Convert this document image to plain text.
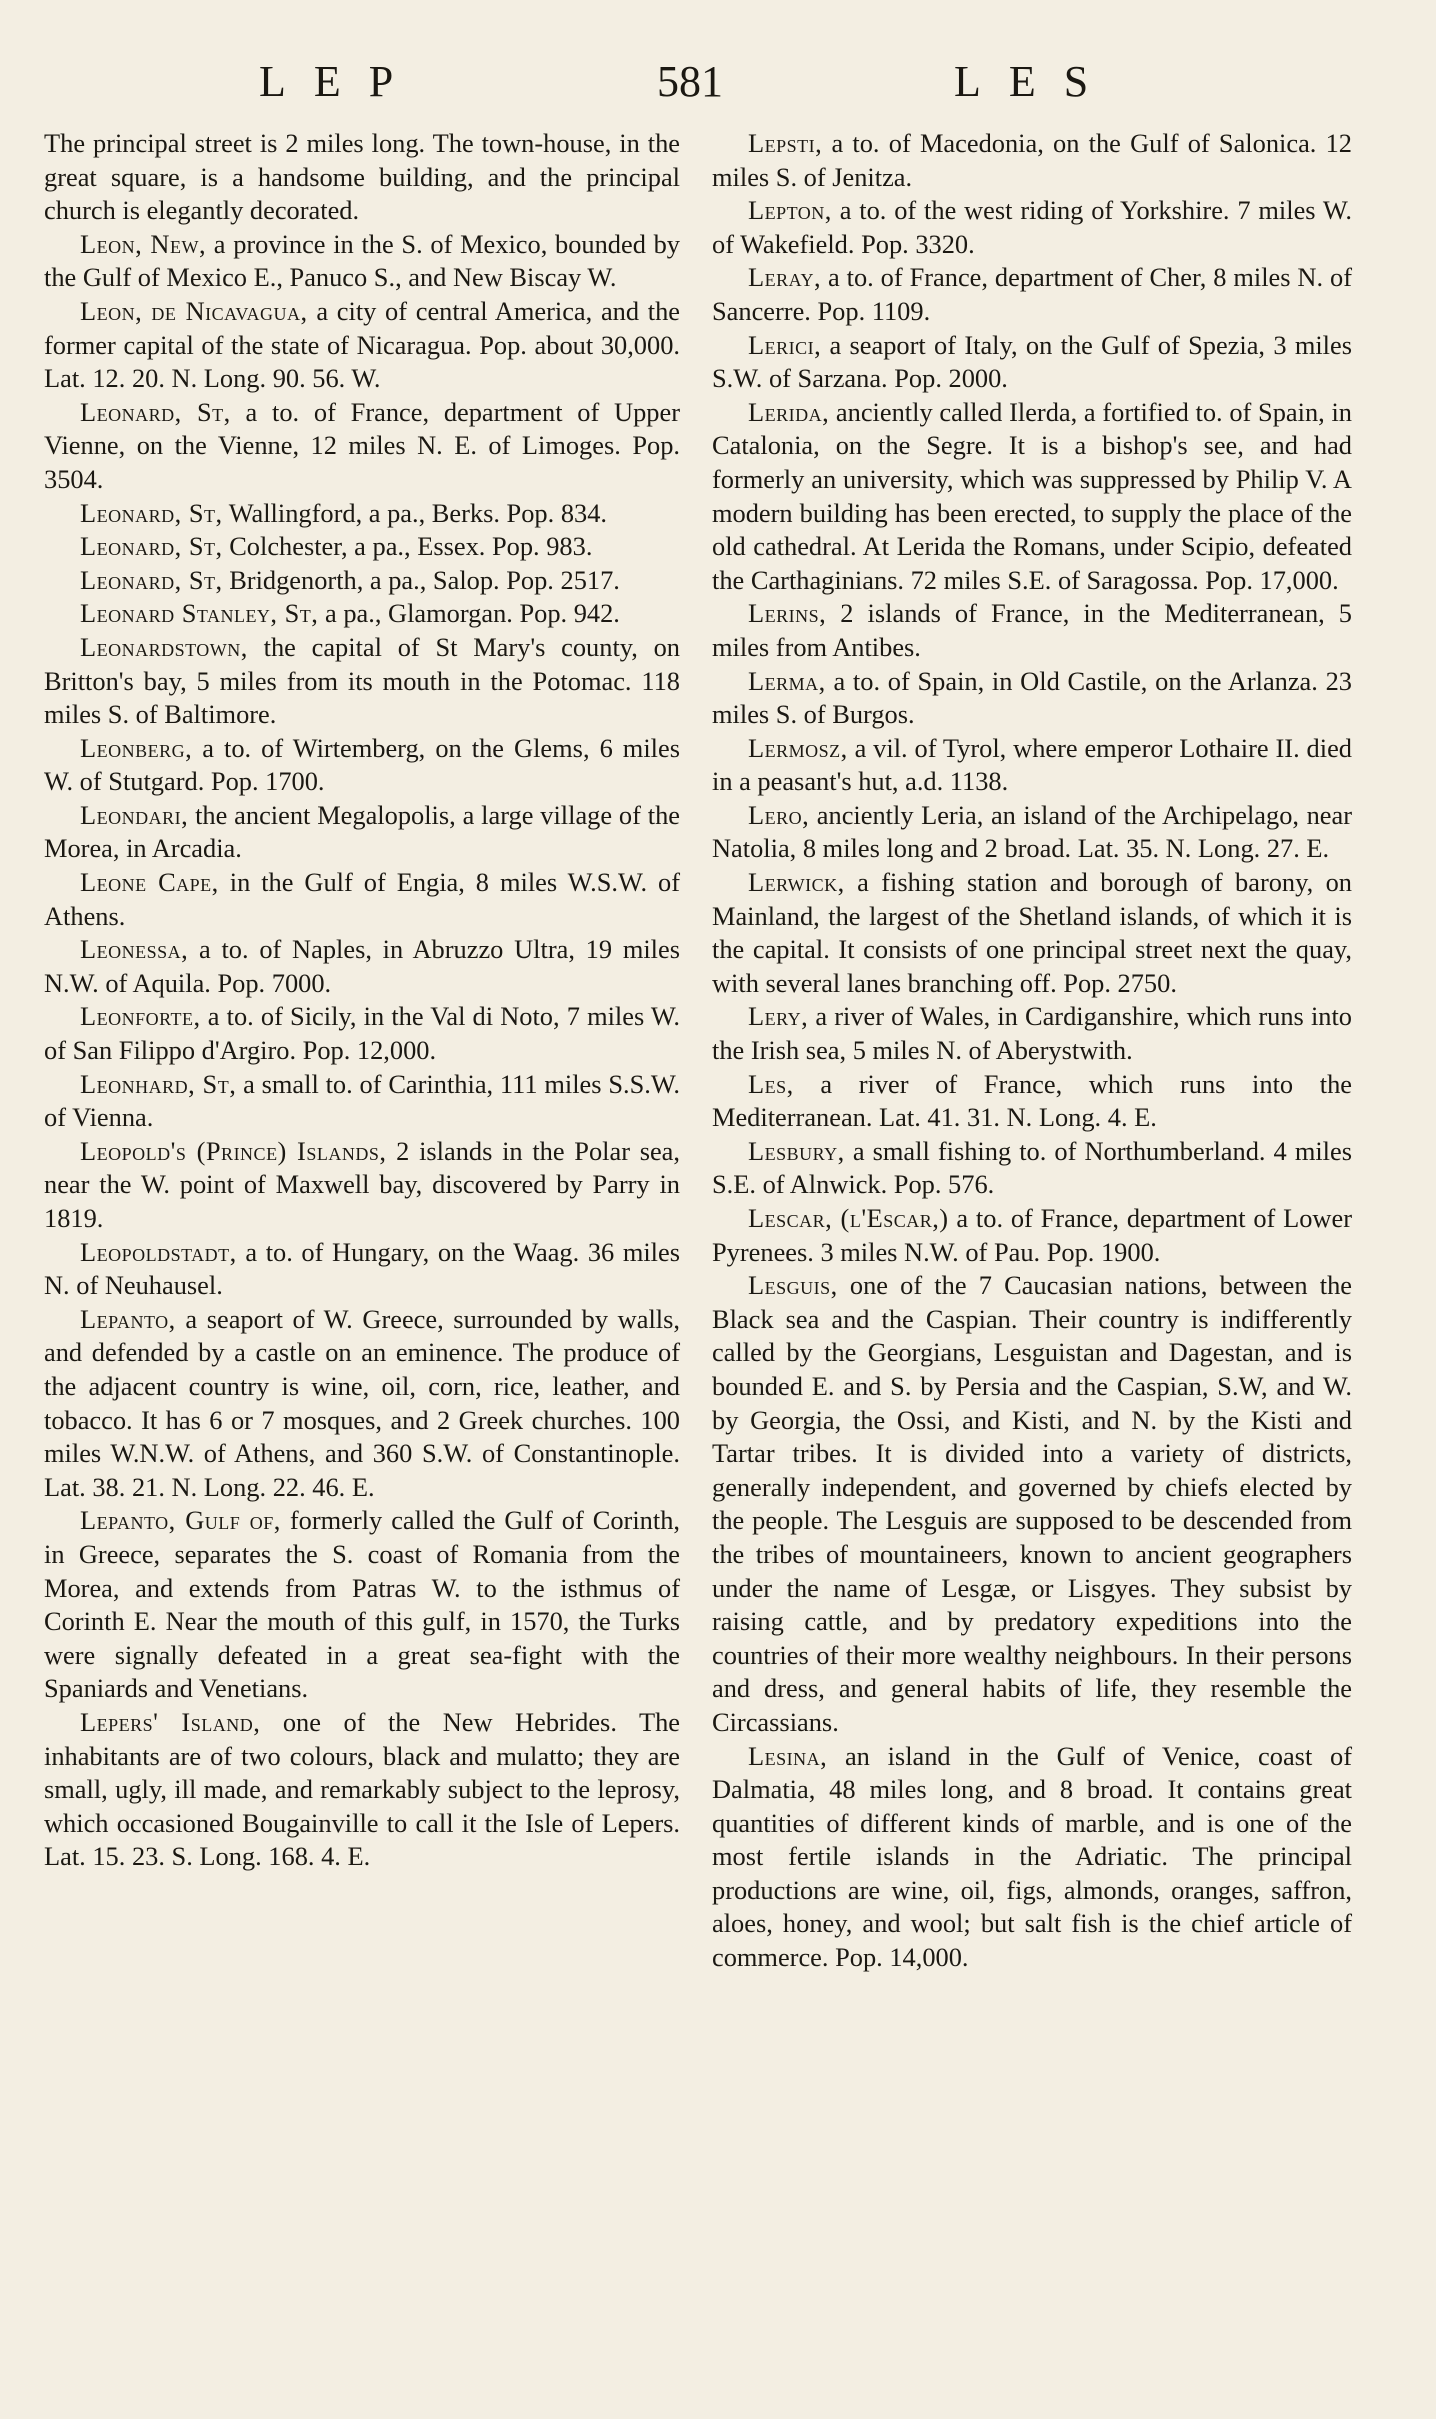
LEP	581	LES

The principal street is 2 miles long. The town-house, in the great square, is a handsome building, and the principal church is elegantly decorated.

Leon, New, a province in the S. of Mexico, bounded by the Gulf of Mexico E., Panuco S., and New Biscay W.

Leon, de Nicavagua, a city of central America, and the former capital of the state of Nicaragua. Pop. about 30,000. Lat. 12. 20. N. Long. 90. 56. W.

Leonard, St, a to. of France, department of Upper Vienne, on the Vienne, 12 miles N. E. of Limoges. Pop. 3504.

Leonard, St, Wallingford, a pa., Berks. Pop. 834.

Leonard, St, Colchester, a pa., Essex. Pop. 983.

Leonard, St, Bridgenorth, a pa., Salop. Pop. 2517.

Leonard Stanley, St, a pa., Glamorgan. Pop. 942.

Leonardstown, the capital of St Mary's county, on Britton's bay, 5 miles from its mouth in the Potomac. 118 miles S. of Baltimore.

Leonberg, a to. of Wirtemberg, on the Glems, 6 miles W. of Stutgard. Pop. 1700.

Leondari, the ancient Megalopolis, a large village of the Morea, in Arcadia.

Leone Cape, in the Gulf of Engia, 8 miles W.S.W. of Athens.

Leonessa, a to. of Naples, in Abruzzo Ultra, 19 miles N.W. of Aquila. Pop. 7000.

Leonforte, a to. of Sicily, in the Val di Noto, 7 miles W. of San Filippo d'Argiro. Pop. 12,000.

Leonhard, St, a small to. of Carinthia, 111 miles S.S.W. of Vienna.

Leopold's (Prince) Islands, 2 islands in the Polar sea, near the W. point of Maxwell bay, discovered by Parry in 1819.

Leopoldstadt, a to. of Hungary, on the Waag. 36 miles N. of Neuhausel.

Lepanto, a seaport of W. Greece, surrounded by walls, and defended by a castle on an eminence. The produce of the adjacent country is wine, oil, corn, rice, leather, and tobacco. It has 6 or 7 mosques, and 2 Greek churches. 100 miles W.N.W. of Athens, and 360 S.W. of Constantinople. Lat. 38. 21. N. Long. 22. 46. E.

Lepanto, Gulf of, formerly called the Gulf of Corinth, in Greece, separates the S. coast of Romania from the Morea, and extends from Patras W. to the isthmus of Corinth E. Near the mouth of this gulf, in 1570, the Turks were signally defeated in a great sea-fight with the Spaniards and Venetians.

Lepers' Island, one of the New Hebrides. The inhabitants are of two colours, black and mulatto; they are small, ugly, ill made, and remarkably subject to the leprosy, which occasioned Bougainville to call it the Isle of Lepers. Lat. 15. 23. S. Long. 168. 4. E.

Lepsti, a to. of Macedonia, on the Gulf of Salonica. 12 miles S. of Jenitza.

Lepton, a to. of the west riding of Yorkshire. 7 miles W. of Wakefield. Pop. 3320.

Leray, a to. of France, department of Cher, 8 miles N. of Sancerre. Pop. 1109.

Lerici, a seaport of Italy, on the Gulf of Spezia, 3 miles S.W. of Sarzana. Pop. 2000.

Lerida, anciently called Ilerda, a fortified to. of Spain, in Catalonia, on the Segre. It is a bishop's see, and had formerly an university, which was suppressed by Philip V. A modern building has been erected, to supply the place of the old cathedral. At Lerida the Romans, under Scipio, defeated the Carthaginians. 72 miles S.E. of Saragossa. Pop. 17,000.

Lerins, 2 islands of France, in the Mediterranean, 5 miles from Antibes.

Lerma, a to. of Spain, in Old Castile, on the Arlanza. 23 miles S. of Burgos.

Lermosz, a vil. of Tyrol, where emperor Lothaire II. died in a peasant's hut, a.d. 1138.

Lero, anciently Leria, an island of the Archipelago, near Natolia, 8 miles long and 2 broad. Lat. 35. N. Long. 27. E.

Lerwick, a fishing station and borough of barony, on Mainland, the largest of the Shetland islands, of which it is the capital. It consists of one principal street next the quay, with several lanes branching off. Pop. 2750.

Lery, a river of Wales, in Cardiganshire, which runs into the Irish sea, 5 miles N. of Aberystwith.

Les, a river of France, which runs into the Mediterranean. Lat. 41. 31. N. Long. 4. E.

Lesbury, a small fishing to. of Northumberland. 4 miles S.E. of Alnwick. Pop. 576.

Lescar, (l'Escar,) a to. of France, department of Lower Pyrenees. 3 miles N.W. of Pau. Pop. 1900.

Lesguis, one of the 7 Caucasian nations, between the Black sea and the Caspian. Their country is indifferently called by the Georgians, Lesguistan and Dagestan, and is bounded E. and S. by Persia and the Caspian, S.W, and W. by Georgia, the Ossi, and Kisti, and N. by the Kisti and Tartar tribes. It is divided into a variety of districts, generally independent, and governed by chiefs elected by the people. The Lesguis are supposed to be descended from the tribes of mountaineers, known to ancient geographers under the name of Lesgæ, or Lisgyes. They subsist by raising cattle, and by predatory expeditions into the countries of their more wealthy neighbours. In their persons and dress, and general habits of life, they resemble the Circassians.

Lesina, an island in the Gulf of Venice, coast of Dalmatia, 48 miles long, and 8 broad. It contains great quantities of different kinds of marble, and is one of the most fertile islands in the Adriatic. The principal productions are wine, oil, figs, almonds, oranges, saffron, aloes, honey, and wool; but salt fish is the chief article of commerce. Pop. 14,000.
